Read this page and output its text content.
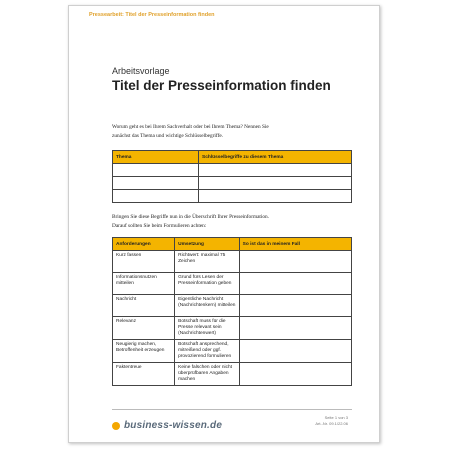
Pressearbeit: Titel der Presseinformation finden
Arbeitsvorlage
Titel der Presseinformation finden
Worum geht es bei Ihrem Sachverhalt oder bei Ihrem Thema? Nennen Sie
zunächst das Thema und wichtige Schlüsselbegriffe.
Thema	Schlüsselbegriffe zu diesem Thema

Bringen Sie diese Begriffe nun in die Überschrift Ihrer Presseinformation.
Darauf sollten Sie beim Formulieren achten:
Anforderungen	Umsetzung	So ist das in meinem Fall
Kurz fassen	Richtwert: maximal 75 Zeichen	
Informationsnutzen mitteilen	Grund fürs Lesen der Presseinformation geben	
Nachricht	Eigentliche Nachricht (Nachrichtenkern) mitteilen	
Relevanz	Botschaft muss für die Presse relevant sein (Nachrichtenwert)	
Neugierig machen, Betroffenheit erzeugen	Botschaft ansprechend, mitreißend oder ggf. provozierend formulieren	
Faktentreue	Keine falschen oder nicht überprüfbaren Angaben machen	
business-wissen.de
Seite 1 von 3
Art.-Nr. 09.1/22.06
